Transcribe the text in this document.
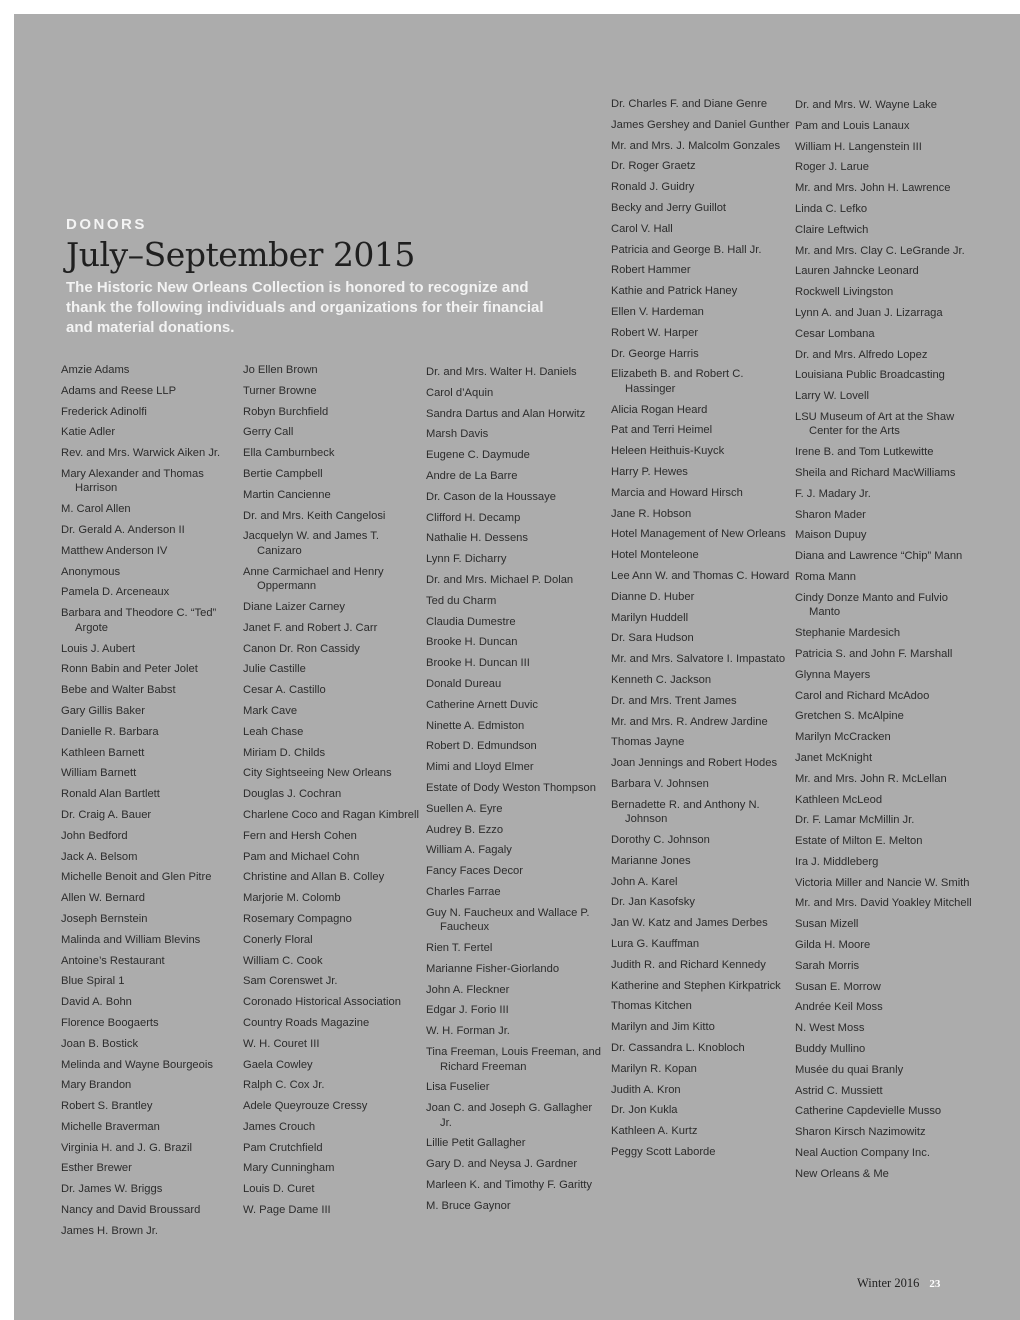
DONORS

July–September 2015

The Historic New Orleans Collection is honored to recognize and thank the following individuals and organizations for their financial and material donations.

Amzie Adams
Adams and Reese LLP
Frederick Adinolfi
Katie Adler
Rev. and Mrs. Warwick Aiken Jr.
Mary Alexander and Thomas Harrison
M. Carol Allen
Dr. Gerald A. Anderson II
Matthew Anderson IV
Anonymous
Pamela D. Arceneaux
Barbara and Theodore C. “Ted” Argote
Louis J. Aubert
Ronn Babin and Peter Jolet
Bebe and Walter Babst
Gary Gillis Baker
Danielle R. Barbara
Kathleen Barnett
William Barnett
Ronald Alan Bartlett
Dr. Craig A. Bauer
John Bedford
Jack A. Belsom
Michelle Benoit and Glen Pitre
Allen W. Bernard
Joseph Bernstein
Malinda and William Blevins
Antoine’s Restaurant
Blue Spiral 1
David A. Bohn
Florence Boogaerts
Joan B. Bostick
Melinda and Wayne Bourgeois
Mary Brandon
Robert S. Brantley
Michelle Braverman
Virginia H. and J. G. Brazil
Esther Brewer
Dr. James W. Briggs
Nancy and David Broussard
James H. Brown Jr.
Jo Ellen Brown
Turner Browne
Robyn Burchfield
Gerry Call
Ella Camburnbeck
Bertie Campbell
Martin Cancienne
Dr. and Mrs. Keith Cangelosi
Jacquelyn W. and James T. Canizaro
Anne Carmichael and Henry Oppermann
Diane Laizer Carney
Janet F. and Robert J. Carr
Canon Dr. Ron Cassidy
Julie Castille
Cesar A. Castillo
Mark Cave
Leah Chase
Miriam D. Childs
City Sightseeing New Orleans
Douglas J. Cochran
Charlene Coco and Ragan Kimbrell
Fern and Hersh Cohen
Pam and Michael Cohn
Christine and Allan B. Colley
Marjorie M. Colomb
Rosemary Compagno
Conerly Floral
William C. Cook
Sam Corenswet Jr.
Coronado Historical Association
Country Roads Magazine
W. H. Couret III
Gaela Cowley
Ralph C. Cox Jr.
Adele Queyrouze Cressy
James Crouch
Pam Crutchfield
Mary Cunningham
Louis D. Curet
W. Page Dame III
Dr. and Mrs. Walter H. Daniels
Carol d’Aquin
Sandra Dartus and Alan Horwitz
Marsh Davis
Eugene C. Daymude
Andre de La Barre
Dr. Cason de la Houssaye
Clifford H. Decamp
Nathalie H. Dessens
Lynn F. Dicharry
Dr. and Mrs. Michael P. Dolan
Ted du Charm
Claudia Dumestre
Brooke H. Duncan
Brooke H. Duncan III
Donald Dureau
Catherine Arnett Duvic
Ninette A. Edmiston
Robert D. Edmundson
Mimi and Lloyd Elmer
Estate of Dody Weston Thompson
Suellen A. Eyre
Audrey B. Ezzo
William A. Fagaly
Fancy Faces Decor
Charles Farrae
Guy N. Faucheux and Wallace P. Faucheux
Rien T. Fertel
Marianne Fisher-Giorlando
John A. Fleckner
Edgar J. Forio III
W. H. Forman Jr.
Tina Freeman, Louis Freeman, and Richard Freeman
Lisa Fuselier
Joan C. and Joseph G. Gallagher Jr.
Lillie Petit Gallagher
Gary D. and Neysa J. Gardner
Marleen K. and Timothy F. Garitty
M. Bruce Gaynor
Dr. Charles F. and Diane Genre
James Gershey and Daniel Gunther
Mr. and Mrs. J. Malcolm Gonzales
Dr. Roger Graetz
Ronald J. Guidry
Becky and Jerry Guillot
Carol V. Hall
Patricia and George B. Hall Jr.
Robert Hammer
Kathie and Patrick Haney
Ellen V. Hardeman
Robert W. Harper
Dr. George Harris
Elizabeth B. and Robert C. Hassinger
Alicia Rogan Heard
Pat and Terri Heimel
Heleen Heithuis-Kuyck
Harry P. Hewes
Marcia and Howard Hirsch
Jane R. Hobson
Hotel Management of New Orleans
Hotel Monteleone
Lee Ann W. and Thomas C. Howard
Dianne D. Huber
Marilyn Huddell
Dr. Sara Hudson
Mr. and Mrs. Salvatore I. Impastato
Kenneth C. Jackson
Dr. and Mrs. Trent James
Mr. and Mrs. R. Andrew Jardine
Thomas Jayne
Joan Jennings and Robert Hodes
Barbara V. Johnsen
Bernadette R. and Anthony N. Johnson
Dorothy C. Johnson
Marianne Jones
John A. Karel
Dr. Jan Kasofsky
Jan W. Katz and James Derbes
Lura G. Kauffman
Judith R. and Richard Kennedy
Katherine and Stephen Kirkpatrick
Thomas Kitchen
Marilyn and Jim Kitto
Dr. Cassandra L. Knobloch
Marilyn R. Kopan
Judith A. Kron
Dr. Jon Kukla
Kathleen A. Kurtz
Peggy Scott Laborde
Dr. and Mrs. W. Wayne Lake
Pam and Louis Lanaux
William H. Langenstein III
Roger J. Larue
Mr. and Mrs. John H. Lawrence
Linda C. Lefko
Claire Leftwich
Mr. and Mrs. Clay C. LeGrande Jr.
Lauren Jahncke Leonard
Rockwell Livingston
Lynn A. and Juan J. Lizarraga
Cesar Lombana
Dr. and Mrs. Alfredo Lopez
Louisiana Public Broadcasting
Larry W. Lovell
LSU Museum of Art at the Shaw Center for the Arts
Irene B. and Tom Lutkewitte
Sheila and Richard MacWilliams
F. J. Madary Jr.
Sharon Mader
Maison Dupuy
Diana and Lawrence “Chip” Mann
Roma Mann
Cindy Donze Manto and Fulvio Manto
Stephanie Mardesich
Patricia S. and John F. Marshall
Glynna Mayers
Carol and Richard McAdoo
Gretchen S. McAlpine
Marilyn McCracken
Janet McKnight
Mr. and Mrs. John R. McLellan
Kathleen McLeod
Dr. F. Lamar McMillin Jr.
Estate of Milton E. Melton
Ira J. Middleberg
Victoria Miller and Nancie W. Smith
Mr. and Mrs. David Yoakley Mitchell
Susan Mizell
Gilda H. Moore
Sarah Morris
Susan E. Morrow
Andrée Keil Moss
N. West Moss
Buddy Mullino
Musée du quai Branly
Astrid C. Mussiett
Catherine Capdevielle Musso
Sharon Kirsch Nazimowitz
Neal Auction Company Inc.
New Orleans & Me
Winter 2016 23
